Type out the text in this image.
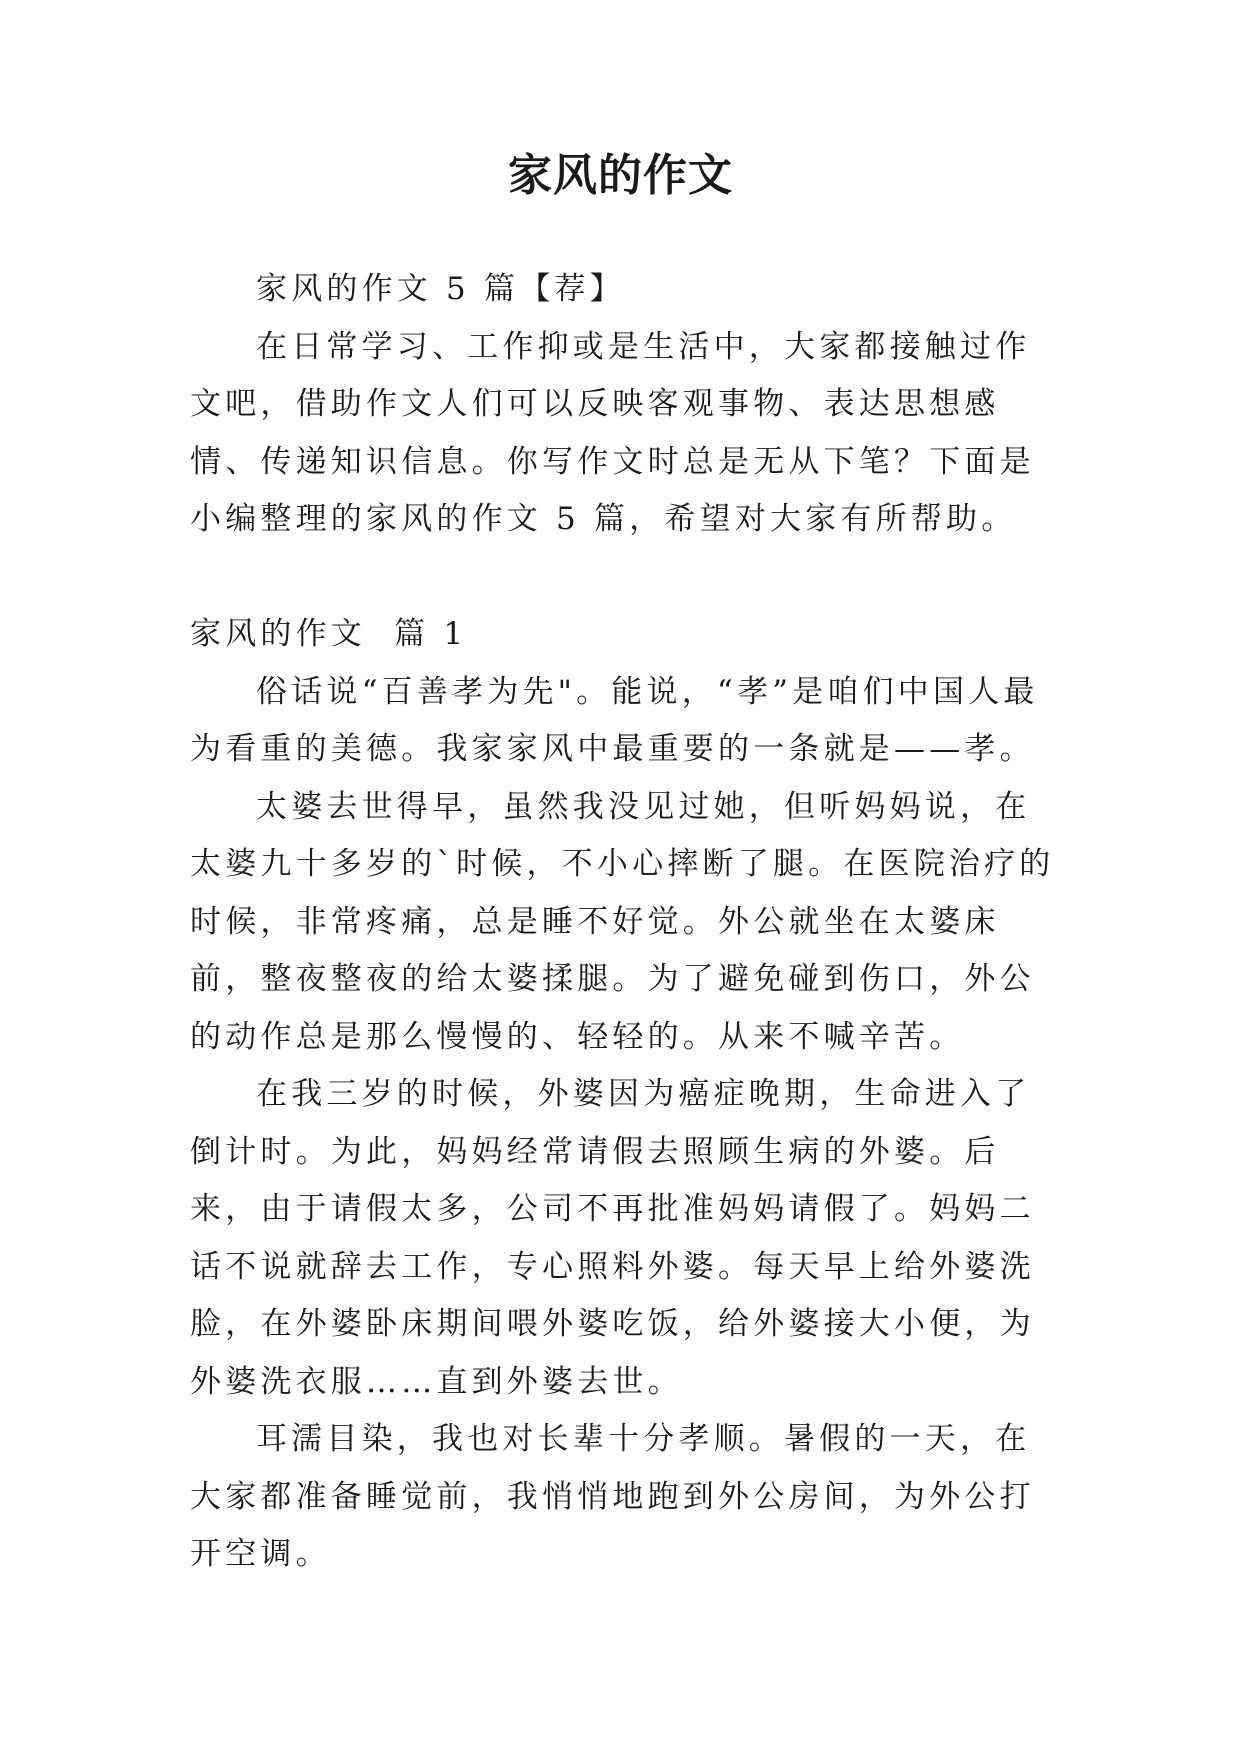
家风的作文

家风的作文 5 篇【荐】

在日常学习、工作抑或是生活中，大家都接触过作文吧，借助作文人们可以反映客观事物、表达思想感情、传递知识信息。你写作文时总是无从下笔？下面是小编整理的家风的作文 5 篇，希望对大家有所帮助。

家风的作文  篇 1

俗话说“百善孝为先"。能说，“孝”是咱们中国人最为看重的美德。我家家风中最重要的一条就是——孝。

太婆去世得早，虽然我没见过她，但听妈妈说，在太婆九十多岁的`时候，不小心摔断了腿。在医院治疗的时候，非常疼痛，总是睡不好觉。外公就坐在太婆床前，整夜整夜的给太婆揉腿。为了避免碰到伤口，外公的动作总是那么慢慢的、轻轻的。从来不喊辛苦。

在我三岁的时候，外婆因为癌症晚期，生命进入了倒计时。为此，妈妈经常请假去照顾生病的外婆。后来，由于请假太多，公司不再批准妈妈请假了。妈妈二话不说就辞去工作，专心照料外婆。每天早上给外婆洗脸，在外婆卧床期间喂外婆吃饭，给外婆接大小便，为外婆洗衣服……直到外婆去世。

耳濡目染，我也对长辈十分孝顺。暑假的一天，在大家都准备睡觉前，我悄悄地跑到外公房间，为外公打开空调。
